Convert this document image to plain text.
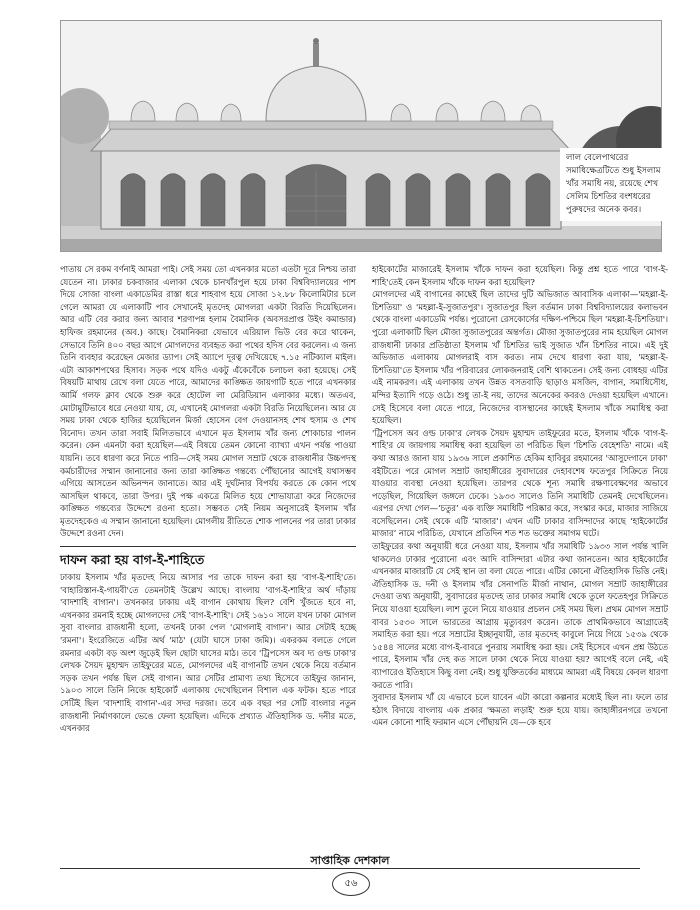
লাল বেলেপাথরের সমাধিক্ষেত্রটিতে শুধু ইসলাম খাঁর সমাধি নয়, রয়েছে শেখ সেলিম চিশতির বংশধরের পুরুষদের অনেক কবর।

পাতায় সে রকম বর্ণনাই আমরা পাই। সেই সময় তো এখনকার মতো এতটা দূরে নিশ্চয় তারা যেতেন না। ঢাকার চকবাজার এলাকা থেকে চানখাঁরপুল হয়ে ঢাকা বিশ্ববিদ্যালয়ের পাশ দিয়ে সোজা বাংলা একাডেমির রাস্তা ধরে শাহবাগ হয়ে সোজা ১২.৮৮ কিলোমিটার চলে গেলে আমরা যে এলাকাটি পাব সেখানেই মৃতদেহ মোগলরা একটা বিরতি দিয়েছিলেন। আর এটি বের করার জন্য আবার শরণাপন্ন হলাম বৈমানিক (অবসরপ্রাপ্ত উইং কমান্ডার) হাফিজ রহমানের (অব.) কাছে। বৈমানিকরা যেভাবে এরিয়াল ভিউ বের করে থাকেন, সেভাবে তিনি ৪০০ বছর আগে মোগলদের ব্যবহৃত করা পথের হদিস বের করলেন। এ জন্য তিনি ব্যবহার করেছেন মেজার ড্যাপ। সেই অ্যাপে দূরত্ব দেখিয়েছে ৭.১৫ নটিক্যাল মাইল। এটা আকাশপথের হিসাব। সড়ক পথে যদিও একটু এঁকেবেঁকে চলাচল করা হয়েছে। সেই বিষয়টি মাথায় রেখে বলা যেতে পারে, আমাদের কাঙ্ক্ষিত জায়গাটি হতে পারে এখনকার আর্মি গলফ ক্লাব থেকে শুরু করে হোটেল লা মেরিডিয়ান এলাকার মধ্যে। অতএব, মোটামুটিভাবে ধরে নেওয়া যায়, যে, এখানেই মোগলরা একটা বিরতি নিয়েছিলেন। আর যে সময় ঢাকা থেকে হাজির হয়েছিলেন মির্জা হোসেন বেগ দেওয়ানসহ শেখ হুসাম ও শেখ বিনোদ। তখন তারা সবাই মিলিতভাবে এখানে মৃত ইসলাম খাঁর জন্য শোকাচার পালন করেন। কেন এমনটা করা হয়েছিল—এই বিষয়ে তেমন কোনো ব্যাখ্যা এখন পর্যন্ত পাওয়া যায়নি। তবে ধারণা করে নিতে পারি—সেই সময় মোগল সম্রাট থেকে রাজধানীর উচ্চপদস্থ কর্মচারীদের সম্মান জানানোর জন্য তারা কাঙ্ক্ষিত গন্তব্যে পৌঁছানোর আগেই যথাসম্ভব এগিয়ে আসতেন অভিনন্দন জানাতে। আর এই দুর্ঘটনার বিপর্যয় করতে কে কোন পথে আসছিল থাকবে, তারা উপর। দুই পক্ষ একত্রে মিলিত হয়ে শোভাযাত্রা করে নিজেদের কাঙ্ক্ষিত গন্তব্যের উদ্দেশে রওনা হতো। সম্ভবত সেই নিয়ম অনুসারেই ইসলাম খাঁর মৃতদেহকেও এ সম্মান জানানো হয়েছিল। মোগলীয় রীতিতে শোক পালনের পর তারা ঢাকার উদ্দেশে রওনা দেন।

দাফন করা হয় বাগ-ই-শাহিতে

ঢাকায় ইসলাম খাঁর মৃতদেহ নিয়ে আসার পর তাকে দাফন করা হয় 'বাগ-ই-শাহি'তে। 'বাহারিস্তান-ই-গায়বী'তে তেমনটাই উল্লেখ আছে। বাংলায় 'বাগ-ই-শাহি'র অর্থ দাঁড়ায় 'বাদশাহি বাগান'। তখনকার ঢাকায় এই বাগান কোথায় ছিল? বেশি খুঁজতে হবে না, এখনকার রমনাই হচ্ছে মোগলদের সেই 'বাগ-ই-শাহি'। সেই ১৬১০ সালে যখন ঢাকা মোগল সুবা বাংলার রাজধানী হলো, তখনই ঢাকা পেল 'মোগলাই বাগান'। আর সেটাই হচ্ছে 'রমনা'। ইংরেজিতে এটির অর্থ 'মাঠ' (যেটা ঘাসে ঢাকা জমি)। একরকম বলতে গেলে রমনার একটা বড় অংশ জুড়েই ছিল ছোটা ঘাসের মাঠ। তবে 'ট্রিপসেস অব দ্য ওল্ড ঢাকা'র লেখক সৈয়দ মুহাম্মদ তাইফুরের মতে, মোগলদের এই বাগানটি তখন থেকে নিয়ে বর্তমান সড়ক তখন পর্যন্ত ছিল সেই বাগান। আর সেটির প্রামাণ্য তথ্য হিসেবে তাইফুর জানান, ১৯০৩ সালে তিনি নিজে হাইকোর্ট এলাকায় দেখেছিলেন বিশাল এক ফটক। হতে পারে সেটিই ছিল 'বাদশাহি বাগান'-এর সদর দরজা। তবে এক বছর পর সেটি বাংলার নতুন রাজধানী নির্মাণকালে ভেঙে ফেলা হয়েছিল। এদিকে প্রখ্যাত ঐতিহাসিক ড. দনীর মতে, এখনকার

হাইকোর্টের মাজারেই ইসলাম খাঁকে দাফন করা হয়েছিল। কিন্তু প্রশ্ন হতে পারে 'বাগ-ই-শাহি'তেই কেন ইসলাম খাঁকে দাফন করা হয়েছিল?

মোগলদের এই বাগানের কাছেই ছিল তাদের দুটি অভিজাত আবাসিক এলাকা—'মহল্লা-ই-চিশতিয়া' ও 'মহল্লা-ই-সুজাতপুর'। সুজাতপুর ছিল বর্তমান ঢাকা বিশ্ববিদ্যালয়ের কলাভবন থেকে বাংলা একাডেমি পর্যন্ত। পুরোনো রেসকোর্সের দক্ষিণ-পশ্চিমে ছিল 'মহল্লা-ই-চিশতিয়া'। পুরো এলাকাটি ছিল মৌজা সুজাতপুরের অন্তর্গত। মৌজা সুজাতপুরের নাম হয়েছিল মোগল রাজধানী ঢাকার প্রতিষ্ঠাতা ইসলাম খাঁ চিশতির ভাই সুজাত খাঁন চিশতির নামে। এই দুই অভিজাত এলাকায় মোগলরাই বাস করত। নাম দেখে ধারণা করা যায়, 'মহল্লা-ই-চিশতিয়া'তে ইসলাম খাঁর পরিবারের লোকজনরাই বেশি থাকতেন। সেই জন্য বোধহয় এটির এই নামকরণ। এই এলাকায় তখন উন্নত বসতবাড়ি ছাড়াও মসজিদ, বাগান, সমাধিসৌধ, মন্দির ইত্যাদি গড়ে ওঠে। শুধু তা-ই নয়, তাদের অনেকের কবরও দেওয়া হয়েছিল এখানে। সেই হিসেবে বলা যেতে পারে, নিজেদের বাসস্থানের কাছেই ইসলাম খাঁকে সমাধিস্থ করা হয়েছিল।

'ট্রিপসেস অব ওল্ড ঢাকা'র লেখক সৈয়দ মুহাম্মদ তাইফুরের মতে, ইসলাম খাঁকে 'বাগ-ই-শাহি'র যে জায়গায় সমাধিস্থ করা হয়েছিল তা পরিচিত ছিল 'চিশতি বেহেশতি' নামে। এই কথা আরও জানা যায় ১৯৩৬ সালে প্রকাশিত হেকিম হাবিবুর রহমানের 'আসুদেগানে ঢাকা' বইটিতে। পরে মোগল সম্রাট জাহাঙ্গীরের সুবাদারের দেহাবশেষ ফতেপুর সিক্রিতে নিয়ে যাওয়ার ব্যবস্থা নেওয়া হয়েছিল। তারপর থেকে শূন্য সমাধি রক্ষণাবেক্ষণের অভাবে পড়েছিল, গিয়েছিল জঙ্গলে ঢেকে। ১৯৩৩ সালেও তিনি সমাধিটি তেমনই দেখেছিলেন। এরপর দেখা গেল—‘চতুর’ এক ব্যক্তি সমাধিটি পরিষ্কার করে, সংস্কার করে, মাজার সাজিয়ে বসেছিলেন। সেই থেকে এটি ‘মাজার’। এখন এটি ঢাকার বাসিন্দাদের কাছে ‘হাইকোর্টের মাজার’ নামে পরিচিত, যেখানে প্রতিদিন শত শত ভক্তের সমাগম ঘটে।

তাইফুরের কথা অনুযায়ী ধরে নেওয়া যায়, ইসলাম খাঁর সমাধিটি ১৯৩৩ সাল পর্যন্ত খালি থাকলেও ঢাকার পুরোনো এবং আদি বাসিন্দারা এটার কথা জানতেন। আর হাইকোর্টের এখনকার মাজারটি যে সেই স্থান তা বলা যেতে পারে। এটির কোনো ঐতিহাসিক ভিত্তি নেই।

ঐতিহাসিক ড. দনী ও ইসলাম খাঁর সেনাপতি মীর্জা নাথান, মোগল সম্রাট জাহাঙ্গীরের দেওয়া তথ্য অনুযায়ী, সুবাদারের মৃতদেহ তার ঢাকার সমাধি থেকে তুলে ফতেহপুর সিক্রিতে নিয়ে যাওয়া হয়েছিল। লাশ তুলে নিয়ে যাওয়ার প্রচলন সেই সময় ছিল। প্রথম মোগল সম্রাট বাবর ১৫৩০ সালে ভারতের আগ্রায় মৃত্যুবরণ করেন। তাকে প্রাথমিকভাবে আগ্রাতেই সমাহিত করা হয়। পরে সম্রাটের ইচ্ছানুযায়ী, তার মৃতদেহ কাবুলে নিয়ে গিয়ে ১৫৩৯ থেকে ১৫৪৪ সালের মধ্যে বাগ-ই-বাবরে পুনরায় সমাধিস্থ করা হয়। সেই হিসেবে এখন প্রশ্ন উঠতে পারে, ইসলাম খাঁর দেহ কত সালে ঢাকা থেকে নিয়ে যাওয়া হয়? আগেই বলে নেই, এই ব্যাপারেও ইতিহাসে কিছু বলা নেই। শুধু যুক্তিতর্কের মাধ্যমে আমরা এই বিষয়ে কেবল ধারণা করতে পারি।

সুবাদার ইসলাম খাঁ যে এভাবে চলে যাবেন এটা কারো কল্পনার মধ্যেই ছিল না। ফলে তার হঠাৎ বিদায়ে বাংলায় এক প্রকার 'ক্ষমতা লড়াই' শুরু হয়ে যায়। জাহাঙ্গীরনগরে তখনো এমন কোনো শাহি ফরমান এসে পৌঁছায়নি যে—কে হবে

সাপ্তাহিক দেশকাল
৫৬
